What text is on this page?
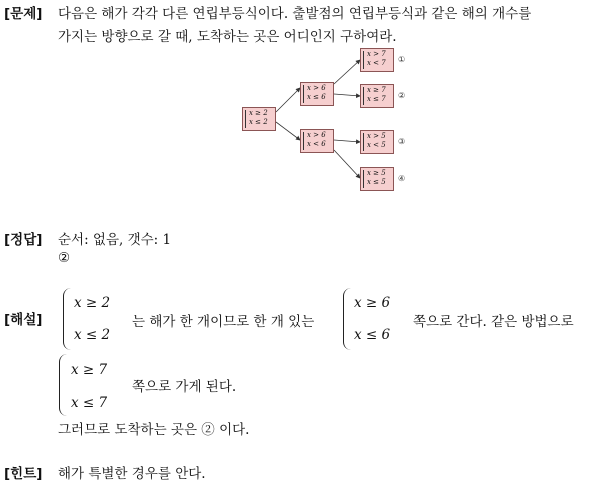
[문제] 다음은 해가 각각 다른 연립부등식이다. 출발점의 연립부등식과 같은 해의 개수를
가지는 방향으로 갈 때, 도착하는 곳은 어디인지 구하여라.
x ≥ 2
x ≤ 2
x > 6
x ≤ 6
x > 6
x < 6
x > 7
x < 7
x ≥ 7
x ≤ 7
x > 5
x < 5
x ≥ 5
x ≤ 5
①
②
③
④
[정답] 순서: 없음, 갯수: 1
②
[해설]
x ≥ 2
x ≤ 2
는 해가 한 개이므로 한 개 있는
x ≥ 6
x ≤ 6
쪽으로 간다. 같은 방법으로
x ≥ 7
x ≤ 7
쪽으로 가게 된다.
그러므로 도착하는 곳은 ② 이다.
[힌트] 해가 특별한 경우를 안다.
